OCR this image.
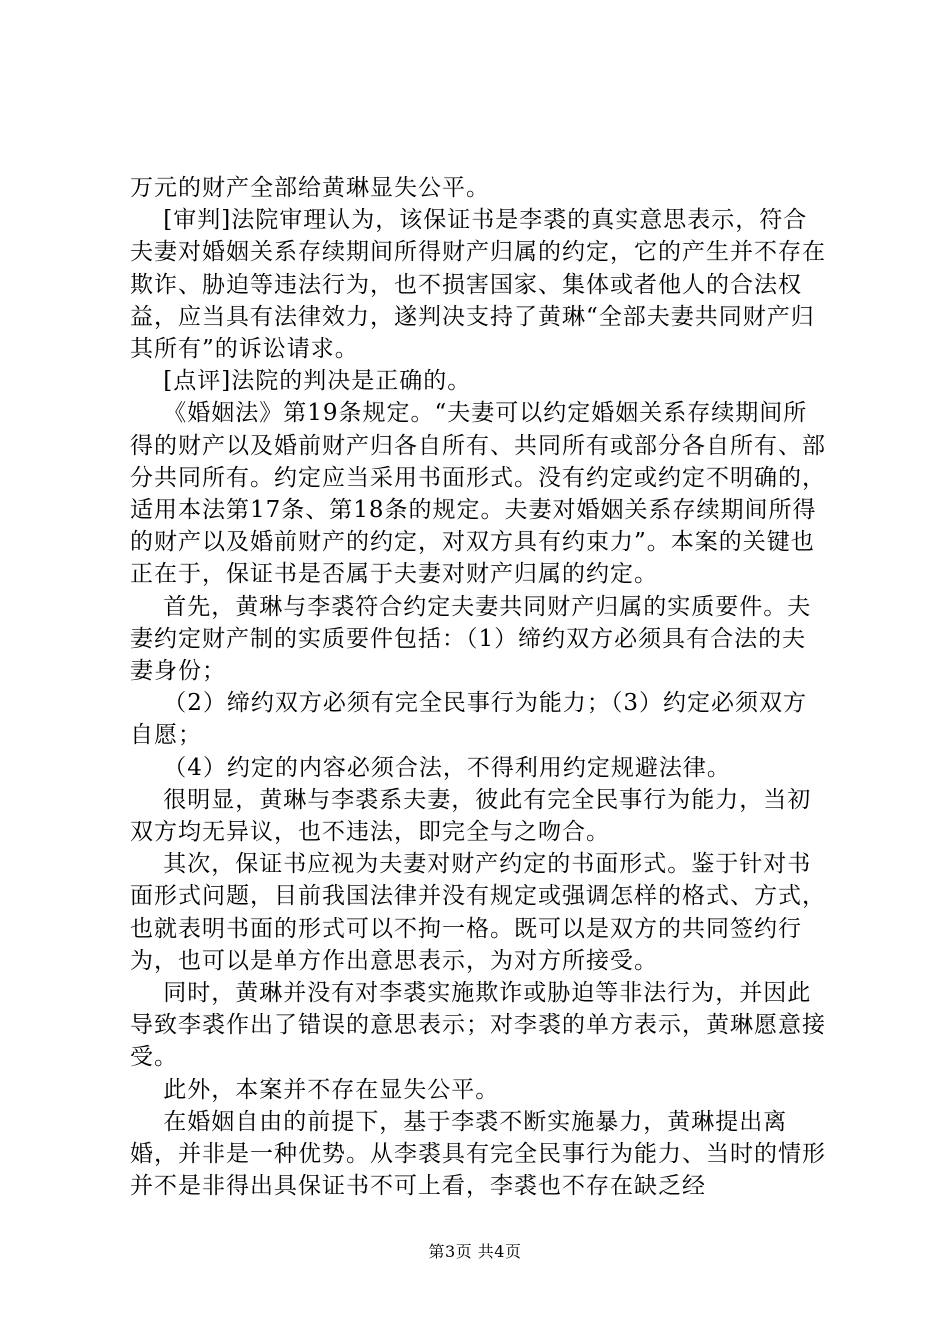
万元的财产全部给黄琳显失公平。

[审判]法院审理认为，该保证书是李裘的真实意思表示，符合夫妻对婚姻关系存续期间所得财产归属的约定，它的产生并不存在欺诈、胁迫等违法行为，也不损害国家、集体或者他人的合法权益，应当具有法律效力，遂判决支持了黄琳“全部夫妻共同财产归其所有”的诉讼请求。

[点评]法院的判决是正确的。

《婚姻法》第19条规定。“夫妻可以约定婚姻关系存续期间所得的财产以及婚前财产归各自所有、共同所有或部分各自所有、部分共同所有。约定应当采用书面形式。没有约定或约定不明确的，适用本法第17条、第18条的规定。夫妻对婚姻关系存续期间所得的财产以及婚前财产的约定，对双方具有约束力”。本案的关键也正在于，保证书是否属于夫妻对财产归属的约定。

首先，黄琳与李裘符合约定夫妻共同财产归属的实质要件。夫妻约定财产制的实质要件包括：（1）缔约双方必须具有合法的夫妻身份；

（2）缔约双方必须有完全民事行为能力；（3）约定必须双方自愿；

（4）约定的内容必须合法，不得利用约定规避法律。

很明显，黄琳与李裘系夫妻，彼此有完全民事行为能力，当初双方均无异议，也不违法，即完全与之吻合。

其次，保证书应视为夫妻对财产约定的书面形式。鉴于针对书面形式问题，目前我国法律并没有规定或强调怎样的格式、方式，也就表明书面的形式可以不拘一格。既可以是双方的共同签约行为，也可以是单方作出意思表示，为对方所接受。

同时，黄琳并没有对李裘实施欺诈或胁迫等非法行为，并因此导致李裘作出了错误的意思表示；对李裘的单方表示，黄琳愿意接受。

此外，本案并不存在显失公平。

在婚姻自由的前提下，基于李裘不断实施暴力，黄琳提出离婚，并非是一种优势。从李裘具有完全民事行为能力、当时的情形并不是非得出具保证书不可上看，李裘也不存在缺乏经

第3页 共4页
